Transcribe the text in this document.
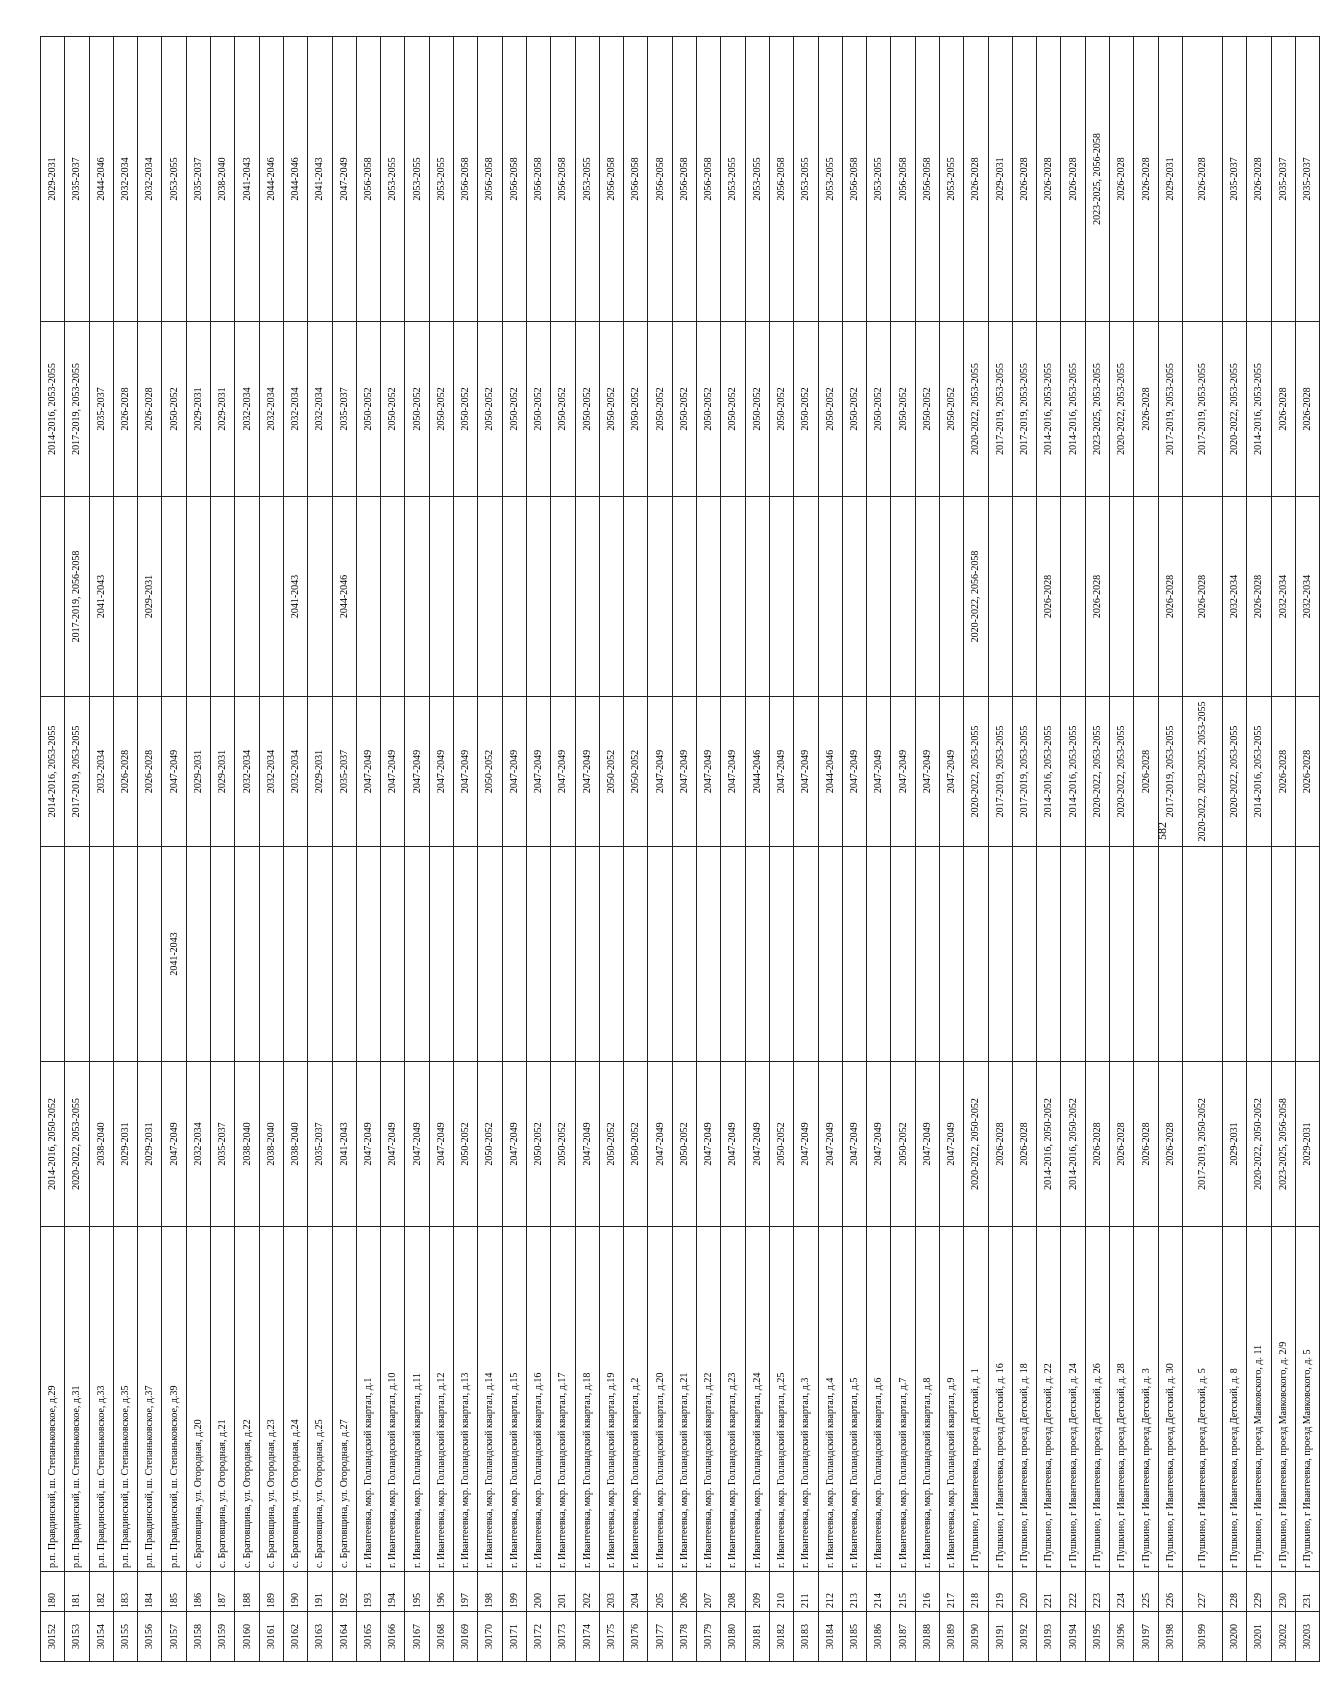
30152	180	р.п. Правдинский, ш. Степаньковское, д.29	2014-2016, 2050-2052		2014-2016, 2053-2055		2014-2016, 2053-2055	2029-2031
30153	181	р.п. Правдинский, ш. Степаньковское, д.31	2020-2022, 2053-2055		2017-2019, 2053-2055	2017-2019, 2056-2058	2017-2019, 2053-2055	2035-2037
30154	182	р.п. Правдинский, ш. Степаньковское, д.33	2038-2040		2032-2034	2041-2043	2035-2037	2044-2046
30155	183	р.п. Правдинский, ш. Степаньковское, д.35	2029-2031		2026-2028		2026-2028	2032-2034
30156	184	р.п. Правдинский, ш. Степаньковское, д.37	2029-2031		2026-2028	2029-2031	2026-2028	2032-2034
30157	185	р.п. Правдинский, ш. Степаньковское, д.39	2047-2049	2041-2043	2047-2049		2050-2052	2053-2055
30158	186	с. Братовщина, ул. Огородная, д.20	2032-2034		2029-2031		2029-2031	2035-2037
30159	187	с. Братовщина, ул. Огородная, д.21	2035-2037		2029-2031		2029-2031	2038-2040
30160	188	с. Братовщина, ул. Огородная, д.22	2038-2040		2032-2034		2032-2034	2041-2043
30161	189	с. Братовщина, ул. Огородная, д.23	2038-2040		2032-2034		2032-2034	2044-2046
30162	190	с. Братовщина, ул. Огородная, д.24	2038-2040		2032-2034	2041-2043	2032-2034	2044-2046
30163	191	с. Братовщина, ул. Огородная, д.25	2035-2037		2029-2031		2032-2034	2041-2043
30164	192	с. Братовщина, ул. Огородная, д.27	2041-2043		2035-2037	2044-2046	2035-2037	2047-2049
30165	193	г. Ивантеевка, мкр. Голландский квартал, д.1	2047-2049		2047-2049		2050-2052	2056-2058
30166	194	г. Ивантеевка, мкр. Голландский квартал, д.10	2047-2049		2047-2049		2050-2052	2053-2055
30167	195	г. Ивантеевка, мкр. Голландский квартал, д.11	2047-2049		2047-2049		2050-2052	2053-2055
30168	196	г. Ивантеевка, мкр. Голландский квартал, д.12	2047-2049		2047-2049		2050-2052	2053-2055
30169	197	г. Ивантеевка, мкр. Голландский квартал, д.13	2050-2052		2047-2049		2050-2052	2056-2058
30170	198	г. Ивантеевка, мкр. Голландский квартал, д.14	2050-2052		2050-2052		2050-2052	2056-2058
30171	199	г. Ивантеевка, мкр. Голландский квартал, д.15	2047-2049		2047-2049		2050-2052	2056-2058
30172	200	г. Ивантеевка, мкр. Голландский квартал, д.16	2050-2052		2047-2049		2050-2052	2056-2058
30173	201	г. Ивантеевка, мкр. Голландский квартал, д.17	2050-2052		2047-2049		2050-2052	2056-2058
30174	202	г. Ивантеевка, мкр. Голландский квартал, д.18	2047-2049		2047-2049		2050-2052	2053-2055
30175	203	г. Ивантеевка, мкр. Голландский квартал, д.19	2050-2052		2050-2052		2050-2052	2056-2058
30176	204	г. Ивантеевка, мкр. Голландский квартал, д.2	2050-2052		2050-2052		2050-2052	2056-2058
30177	205	г. Ивантеевка, мкр. Голландский квартал, д.20	2047-2049		2047-2049		2050-2052	2056-2058
30178	206	г. Ивантеевка, мкр. Голландский квартал, д.21	2050-2052		2047-2049		2050-2052	2056-2058
30179	207	г. Ивантеевка, мкр. Голландский квартал, д.22	2047-2049		2047-2049		2050-2052	2056-2058
30180	208	г. Ивантеевка, мкр. Голландский квартал, д.23	2047-2049		2047-2049		2050-2052	2053-2055
30181	209	г. Ивантеевка, мкр. Голландский квартал, д.24	2047-2049		2044-2046		2050-2052	2053-2055
30182	210	г. Ивантеевка, мкр. Голландский квартал, д.25	2050-2052		2047-2049		2050-2052	2056-2058
30183	211	г. Ивантеевка, мкр. Голландский квартал, д.3	2047-2049		2047-2049		2050-2052	2053-2055
30184	212	г. Ивантеевка, мкр. Голландский квартал, д.4	2047-2049		2044-2046		2050-2052	2053-2055
30185	213	г. Ивантеевка, мкр. Голландский квартал, д.5	2047-2049		2047-2049		2050-2052	2056-2058
30186	214	г. Ивантеевка, мкр. Голландский квартал, д.6	2047-2049		2047-2049		2050-2052	2053-2055
30187	215	г. Ивантеевка, мкр. Голландский квартал, д.7	2050-2052		2047-2049		2050-2052	2056-2058
30188	216	г. Ивантеевка, мкр. Голландский квартал, д.8	2047-2049		2047-2049		2050-2052	2056-2058
30189	217	г. Ивантеевка, мкр. Голландский квартал, д.9	2047-2049		2047-2049		2050-2052	2053-2055
30190	218	г Пушкино, г Ивантеевка, проезд Детский, д. 1	2020-2022, 2050-2052		2020-2022, 2053-2055	2020-2022, 2056-2058	2020-2022, 2053-2055	2026-2028
30191	219	г Пушкино, г Ивантеевка, проезд Детский, д. 16	2026-2028		2017-2019, 2053-2055		2017-2019, 2053-2055	2029-2031
30192	220	г Пушкино, г Ивантеевка, проезд Детский, д. 18	2026-2028		2017-2019, 2053-2055		2017-2019, 2053-2055	2026-2028
30193	221	г Пушкино, г Ивантеевка, проезд Детский, д. 22	2014-2016, 2050-2052		2014-2016, 2053-2055	2026-2028	2014-2016, 2053-2055	2026-2028
30194	222	г Пушкино, г Ивантеевка, проезд Детский, д. 24	2014-2016, 2050-2052		2014-2016, 2053-2055		2014-2016, 2053-2055	2026-2028
30195	223	г Пушкино, г Ивантеевка, проезд Детский, д. 26	2026-2028		2020-2022, 2053-2055	2026-2028	2023-2025, 2053-2055	2023-2025, 2056-2058
30196	224	г Пушкино, г Ивантеевка, проезд Детский, д. 28	2026-2028		2020-2022, 2053-2055		2020-2022, 2053-2055	2026-2028
30197	225	г Пушкино, г Ивантеевка, проезд Детский, д. 3	2026-2028		2026-2028		2026-2028	2026-2028
30198	226	г Пушкино, г Ивантеевка, проезд Детский, д. 30	2026-2028		2017-2019, 2053-2055	2026-2028	2017-2019, 2053-2055	2029-2031
30199	227	г Пушкино, г Ивантеевка, проезд Детский, д. 5	2017-2019, 2050-2052		2020-2022, 2023-2025, 2053-2055	2026-2028	2017-2019, 2053-2055	2026-2028
30200	228	г Пушкино, г Ивантеевка, проезд Детский, д. 8	2029-2031		2020-2022, 2053-2055	2032-2034	2020-2022, 2053-2055	2035-2037
30201	229	г Пушкино, г Ивантеевка, проезд Маяковского, д. 11	2020-2022, 2050-2052		2014-2016, 2053-2055	2026-2028	2014-2016, 2053-2055	2026-2028
30202	230	г Пушкино, г Ивантеевка, проезд Маяковского, д. 2/9	2023-2025, 2056-2058		2026-2028	2032-2034	2026-2028	2035-2037
30203	231	г Пушкино, г Ивантеевка, проезд Маяковского, д. 5	2029-2031		2026-2028	2032-2034	2026-2028	2035-2037
582
